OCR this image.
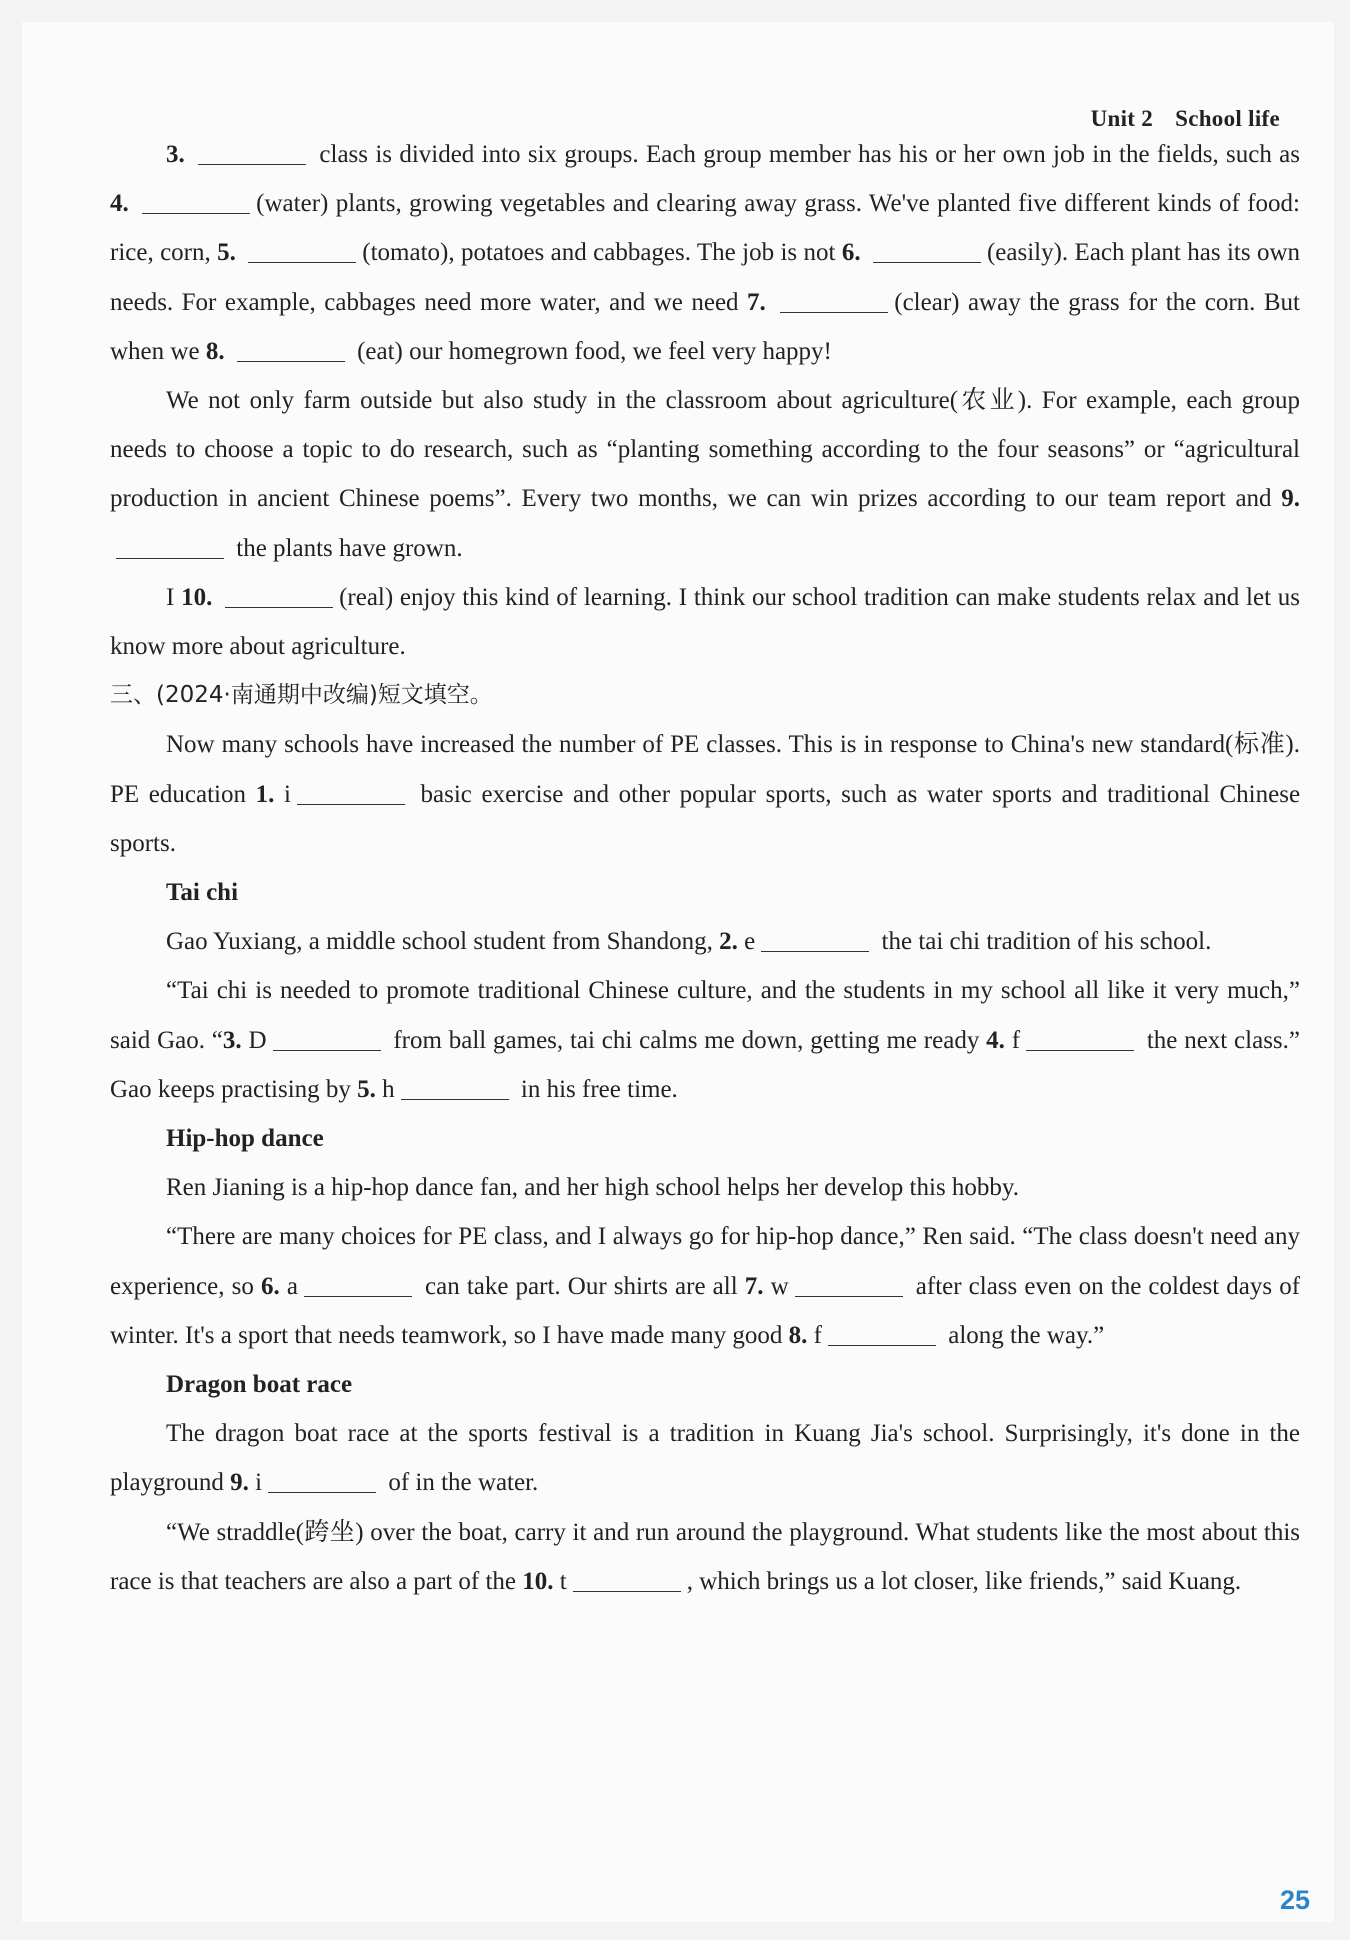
Unit 2 School life

3.	class is divided into six groups. Each group member has his or her own job in the fields, such as 4.	(water) plants, growing vegetables and clearing away grass. We've planted five different kinds of food: rice, corn, 5.	(tomato), potatoes and cabbages. The job is not 6.	(easily). Each plant has its own needs. For example, cabbages need more water, and we need 7.	(clear) away the grass for the corn. But when we 8.	(eat) our homegrown food, we feel very happy!

We not only farm outside but also study in the classroom about agriculture(农业). For example, each group needs to choose a topic to do research, such as “planting something according to the four seasons” or “agricultural production in ancient Chinese poems”. Every two months, we can win prizes according to our team report and 9.  the plants have grown.

I 10.	(real) enjoy this kind of learning. I think our school tradition can make students relax and let us know more about agriculture.

三、(2024·南通期中改编)短文填空。

Now many schools have increased the number of PE classes. This is in response to China's new standard(标准). PE education 1. i	basic exercise and other popular sports, such as water sports and traditional Chinese sports.

Tai chi

Gao Yuxiang, a middle school student from Shandong, 2. e	the tai chi tradition of his school.

“Tai chi is needed to promote traditional Chinese culture, and the students in my school all like it very much,” said Gao. “3. D	from ball games, tai chi calms me down, getting me ready 4. f	the next class.” Gao keeps practising by 5. h	in his free time.

Hip-hop dance

Ren Jianing is a hip-hop dance fan, and her high school helps her develop this hobby.

“There are many choices for PE class, and I always go for hip-hop dance,” Ren said. “The class doesn't need any experience, so 6. a	can take part. Our shirts are all 7. w	after class even on the coldest days of winter. It's a sport that needs teamwork, so I have made many good 8. f	along the way.”

Dragon boat race

The dragon boat race at the sports festival is a tradition in Kuang Jia's school. Surprisingly, it's done in the playground 9. i	of in the water.

“We straddle(跨坐) over the boat, carry it and run around the playground. What students like the most about this race is that teachers are also a part of the 10. t	, which brings us a lot closer, like friends,” said Kuang.

25
